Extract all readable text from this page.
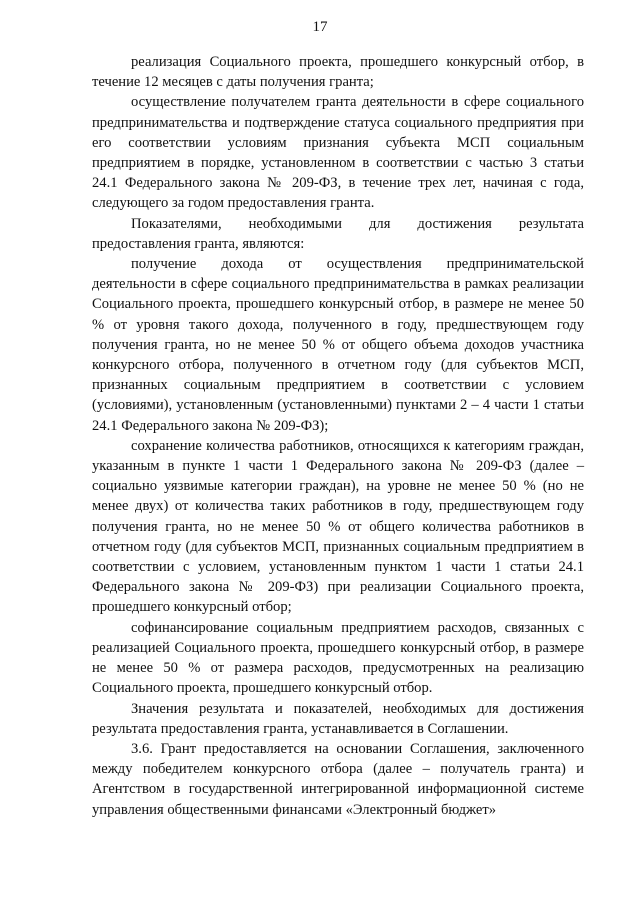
17

реализация Социального проекта, прошедшего конкурсный отбор, в течение 12 месяцев с даты получения гранта;

осуществление получателем гранта деятельности в сфере социального предпринимательства и подтверждение статуса социального предприятия при его соответствии условиям признания субъекта МСП социальным предприятием в порядке, установленном в соответствии с частью 3 статьи 24.1 Федерального закона № 209-ФЗ, в течение трех лет, начиная с года, следующего за годом предоставления гранта.

Показателями, необходимыми для достижения результата предоставления гранта, являются:

получение дохода от осуществления предпринимательской деятельности в сфере социального предпринимательства в рамках реализации Социального проекта, прошедшего конкурсный отбор, в размере не менее 50 % от уровня такого дохода, полученного в году, предшествующем году получения гранта, но не менее 50 % от общего объема доходов участника конкурсного отбора, полученного в отчетном году (для субъектов МСП, признанных социальным предприятием в соответствии с условием (условиями), установленным (установленными) пунктами 2 – 4 части 1 статьи 24.1 Федерального закона № 209-ФЗ);

сохранение количества работников, относящихся к категориям граждан, указанным в пункте 1 части 1 Федерального закона № 209-ФЗ (далее – социально уязвимые категории граждан), на уровне не менее 50 % (но не менее двух) от количества таких работников в году, предшествующем году получения гранта, но не менее 50 % от общего количества работников в отчетном году (для субъектов МСП, признанных социальным предприятием в соответствии с условием, установленным пунктом 1 части 1 статьи 24.1 Федерального закона № 209-ФЗ) при реализации Социального проекта, прошедшего конкурсный отбор;

софинансирование социальным предприятием расходов, связанных с реализацией Социального проекта, прошедшего конкурсный отбор, в размере не менее 50 % от размера расходов, предусмотренных на реализацию Социального проекта, прошедшего конкурсный отбор.

Значения результата и показателей, необходимых для достижения результата предоставления гранта, устанавливается в Соглашении.

3.6. Грант предоставляется на основании Соглашения, заключенного между победителем конкурсного отбора (далее – получатель гранта) и Агентством в государственной интегрированной информационной системе управления общественными финансами «Электронный бюджет»
